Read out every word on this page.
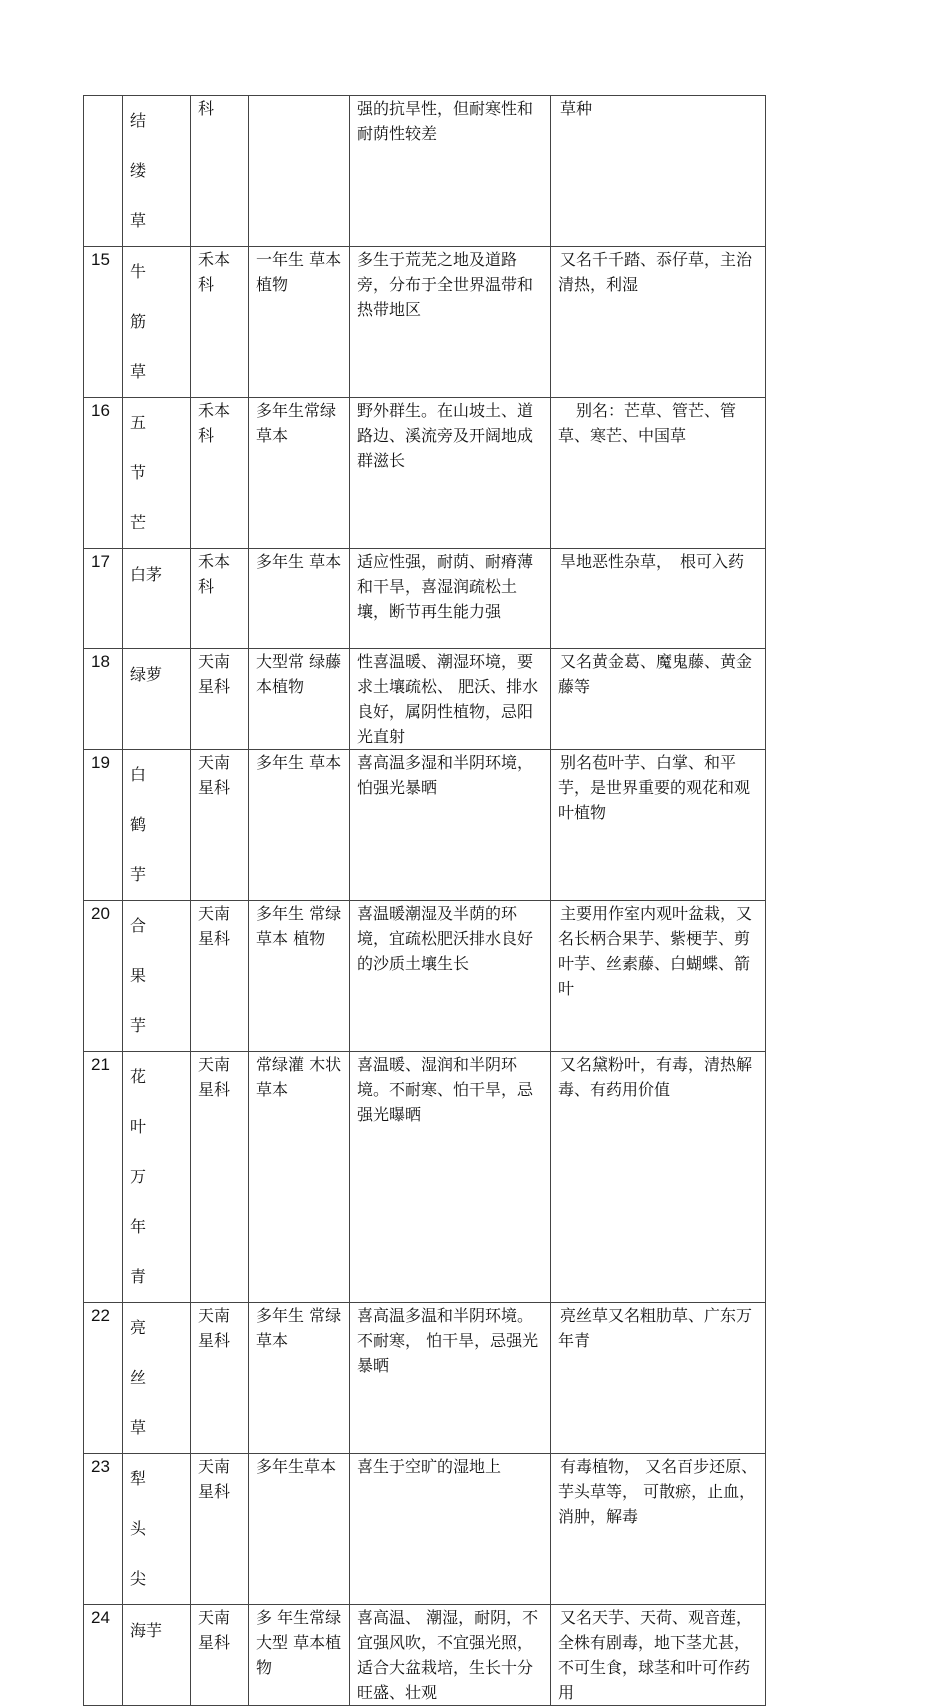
	结缕草	科		强的抗旱性，但耐寒性和耐荫性较差	草种
15	牛筋草	禾本科	一年生 草本植物	多生于荒芜之地及道路旁，分布于全世界温带和热带地区	又名千千踏、忝仔草，主治清热，利湿
16	五节芒	禾本科	多年生常绿草本	野外群生。在山坡土、道路边、溪流旁及开阔地成群滋长	　别名：芒草、管芒、管草、寒芒、中国草
17	白茅	禾本科	多年生 草本	适应性强，耐荫、耐瘠薄和干旱，喜湿润疏松土壤，断节再生能力强	旱地恶性杂草，　根可入药
18	绿萝	天南星科	大型常 绿藤本植物	性喜温暖、潮湿环境，要求土壤疏松、 肥沃、排水良好，属阴性植物，忌阳光直射	又名黄金葛、魔鬼藤、黄金藤等
19	白鹤芋	天南星科	多年生 草本	喜高温多湿和半阴环境，怕强光暴晒	别名苞叶芋、白掌、和平芋，是世界重要的观花和观叶植物
20	合果芋	天南星科	多年生 常绿草本 植物	喜温暖潮湿及半荫的环境，宜疏松肥沃排水良好的沙质土壤生长	主要用作室内观叶盆栽，又名长柄合果芋、紫梗芋、剪叶芋、丝素藤、白蝴蝶、箭叶
21	花叶万年青	天南星科	常绿灌 木状草本	喜温暖、湿润和半阴环境。不耐寒、怕干旱，忌强光曝晒	又名黛粉叶，有毒，清热解毒、有药用价值
22	亮丝草	天南星科	多年生 常绿草本	喜高温多温和半阴环境。不耐寒， 怕干旱，忌强光暴晒	亮丝草又名粗肋草、广东万年青
23	犁头尖	天南星科	多年生草本	喜生于空旷的湿地上	有毒植物， 又名百步还原、芋头草等， 可散瘀，止血，消肿，解毒
24	海芋	天南星科	多 年生常绿大型 草本植物	喜高温、 潮湿，耐阴，不宜强风吹，不宜强光照，适合大盆栽培，生长十分旺盛、壮观	又名天芋、天荷、观音莲，全株有剧毒，地下茎尤甚，不可生食，球茎和叶可作药用
